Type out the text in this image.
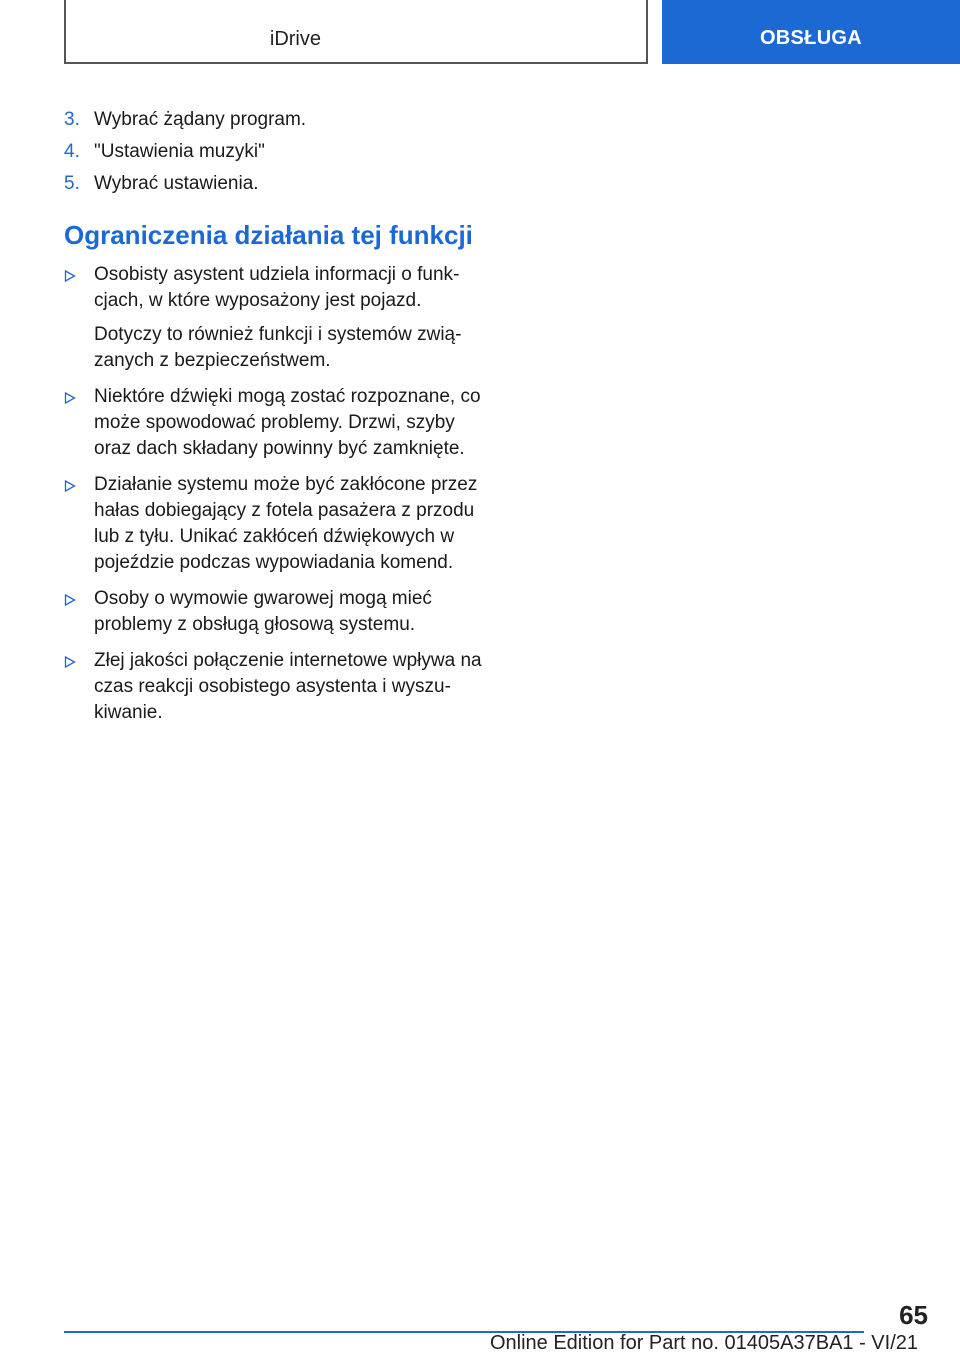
iDrive	OBSŁUGA
3. Wybrać żądany program.
4. "Ustawienia muzyki"
5. Wybrać ustawienia.
Ograniczenia działania tej funkcji

Osobisty asystent udziela informacji o funkcjach, w które wyposażony jest pojazd.

Dotyczy to również funkcji i systemów związanych z bezpieczeństwem.

Niektóre dźwięki mogą zostać rozpoznane, co może spowodować problemy. Drzwi, szyby oraz dach składany powinny być zamknięte.

Działanie systemu może być zakłócone przez hałas dobiegający z fotela pasażera z przodu lub z tyłu. Unikać zakłóceń dźwiękowych w pojeździe podczas wypowiadania komend.

Osoby o wymowie gwarowej mogą mieć problemy z obsługą głosową systemu.

Złej jakości połączenie internetowe wpływa na czas reakcji osobistego asystenta i wyszukiwanie.

65
Online Edition for Part no. 01405A37BA1 - VI/21
